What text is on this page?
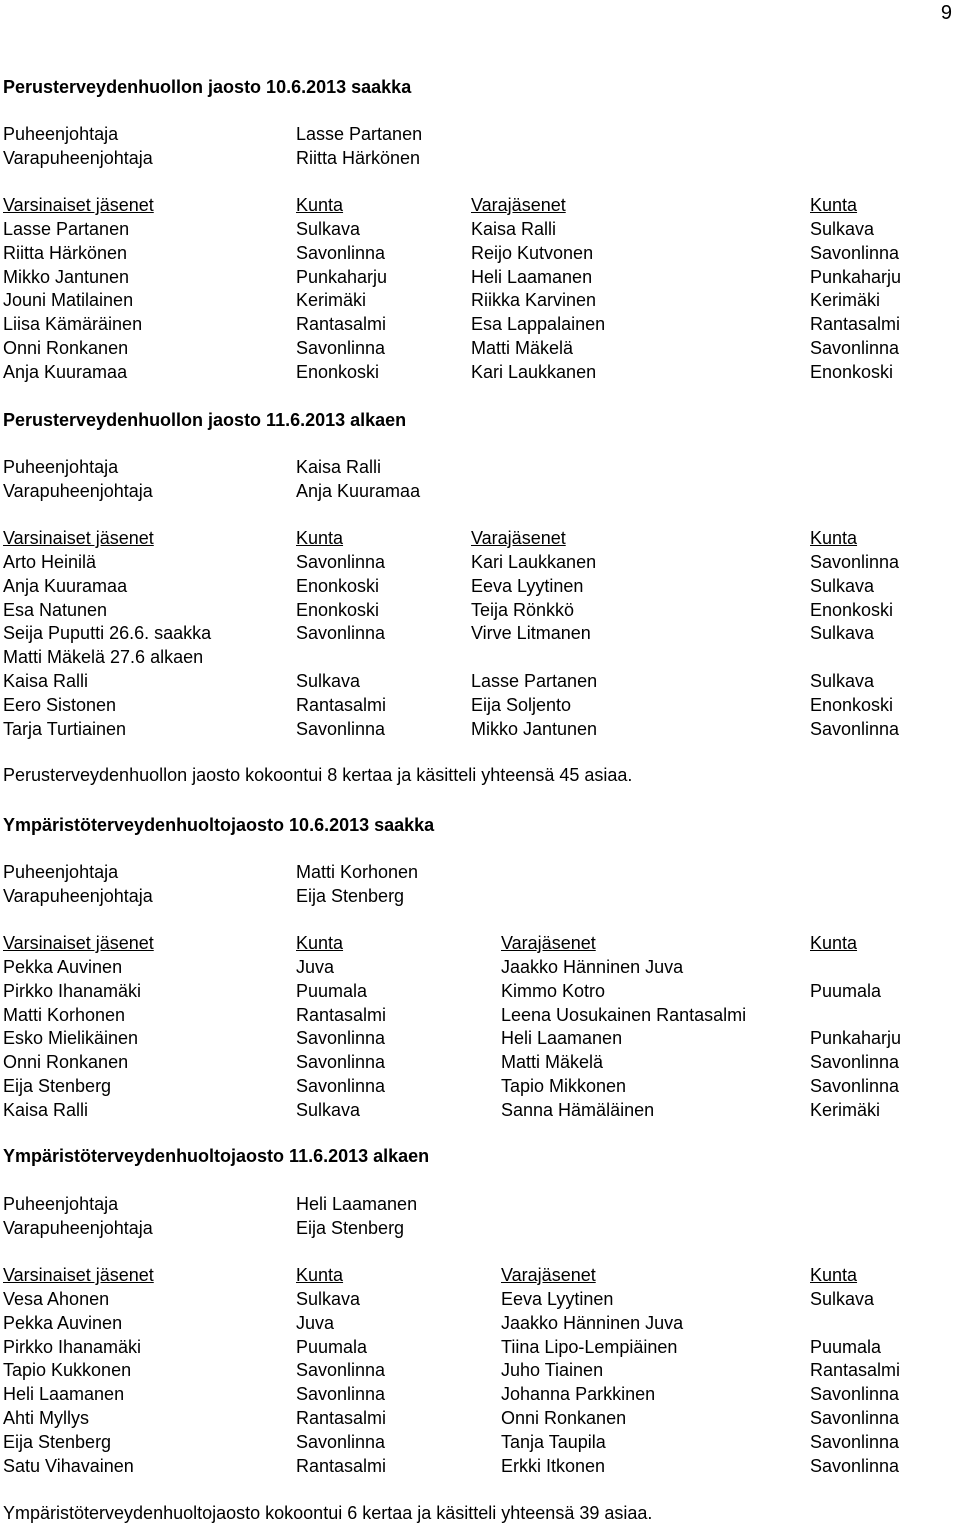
9
Perusterveydenhuollon jaosto 10.6.2013 saakka
Puheenjohtaja	Lasse Partanen
Varapuheenjohtaja	Riitta Härkönen
Varsinaiset jäsenet	Kunta	Varajäsenet	Kunta
Lasse Partanen	Sulkava	Kaisa Ralli	Sulkava
Riitta Härkönen	Savonlinna	Reijo Kutvonen	Savonlinna
Mikko Jantunen	Punkaharju	Heli Laamanen	Punkaharju
Jouni Matilainen	Kerimäki	Riikka Karvinen	Kerimäki
Liisa Kämäräinen	Rantasalmi	Esa Lappalainen	Rantasalmi
Onni Ronkanen	Savonlinna	Matti Mäkelä	Savonlinna
Anja Kuuramaa	Enonkoski	Kari Laukkanen	Enonkoski
Perusterveydenhuollon jaosto 11.6.2013 alkaen
Puheenjohtaja	Kaisa Ralli
Varapuheenjohtaja	Anja Kuuramaa
Varsinaiset jäsenet	Kunta	Varajäsenet	Kunta
Arto Heinilä	Savonlinna	Kari Laukkanen	Savonlinna
Anja Kuuramaa	Enonkoski	Eeva Lyytinen	Sulkava
Esa Natunen	Enonkoski	Teija Rönkkö	Enonkoski
Seija Puputti 26.6. saakka	Savonlinna	Virve Litmanen	Sulkava
Matti Mäkelä 27.6 alkaen
Kaisa Ralli	Sulkava	Lasse Partanen	Sulkava
Eero Sistonen	Rantasalmi	Eija Soljento	Enonkoski
Tarja Turtiainen	Savonlinna	Mikko Jantunen	Savonlinna
Perusterveydenhuollon jaosto kokoontui 8 kertaa ja käsitteli yhteensä 45 asiaa.
Ympäristöterveydenhuoltojaosto 10.6.2013 saakka
Puheenjohtaja	Matti Korhonen
Varapuheenjohtaja	Eija Stenberg
Varsinaiset jäsenet	Kunta	Varajäsenet	Kunta
Pekka Auvinen	Juva	Jaakko Hänninen Juva
Pirkko Ihanamäki	Puumala	Kimmo Kotro	Puumala
Matti Korhonen	Rantasalmi	Leena Uosukainen Rantasalmi
Esko Mielikäinen	Savonlinna	Heli Laamanen	Punkaharju
Onni Ronkanen	Savonlinna	Matti Mäkelä	Savonlinna
Eija Stenberg	Savonlinna	Tapio Mikkonen	Savonlinna
Kaisa Ralli	Sulkava	Sanna Hämäläinen	Kerimäki
Ympäristöterveydenhuoltojaosto 11.6.2013 alkaen
Puheenjohtaja	Heli Laamanen
Varapuheenjohtaja	Eija Stenberg
Varsinaiset jäsenet	Kunta	Varajäsenet	Kunta
Vesa Ahonen	Sulkava	Eeva Lyytinen	Sulkava
Pekka Auvinen	Juva	Jaakko Hänninen Juva
Pirkko Ihanamäki	Puumala	Tiina Lipo-Lempiäinen	Puumala
Tapio Kukkonen	Savonlinna	Juho Tiainen	Rantasalmi
Heli Laamanen	Savonlinna	Johanna Parkkinen	Savonlinna
Ahti Myllys	Rantasalmi	Onni Ronkanen	Savonlinna
Eija Stenberg	Savonlinna	Tanja Taupila	Savonlinna
Satu Vihavainen	Rantasalmi	Erkki Itkonen	Savonlinna
Ympäristöterveydenhuoltojaosto kokoontui 6 kertaa ja käsitteli yhteensä 39 asiaa.
